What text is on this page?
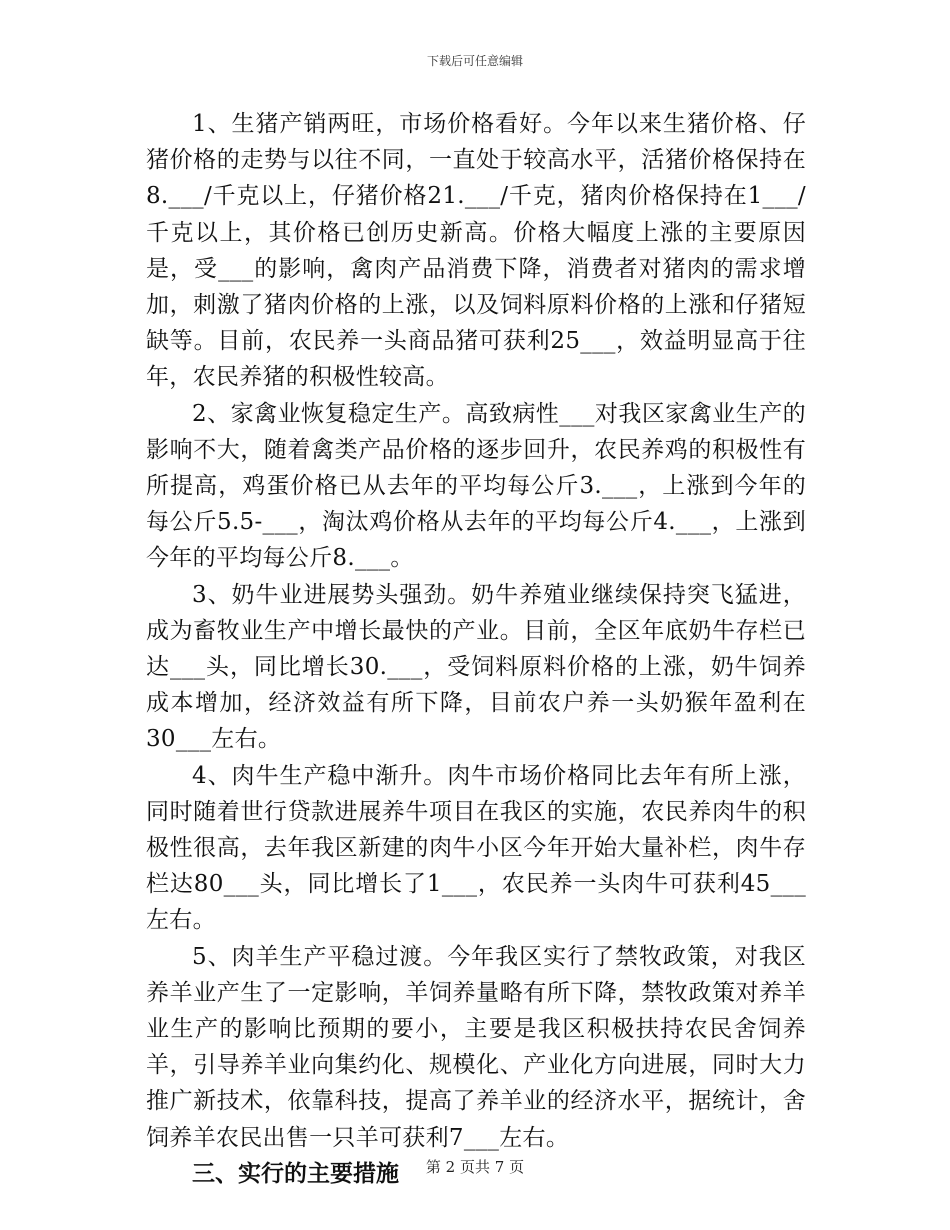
下载后可任意编辑

1、生猪产销两旺，市场价格看好。今年以来生猪价格、仔猪价格的走势与以往不同，一直处于较高水平，活猪价格保持在8.___/千克以上，仔猪价格21.___/千克，猪肉价格保持在1___/千克以上，其价格已创历史新高。价格大幅度上涨的主要原因是，受___的影响，禽肉产品消费下降，消费者对猪肉的需求增加，刺激了猪肉价格的上涨，以及饲料原料价格的上涨和仔猪短缺等。目前，农民养一头商品猪可获利25___，效益明显高于往年，农民养猪的积极性较高。

2、家禽业恢复稳定生产。高致病性___对我区家禽业生产的影响不大，随着禽类产品价格的逐步回升，农民养鸡的积极性有所提高，鸡蛋价格已从去年的平均每公斤3.___，上涨到今年的每公斤5.5-___，淘汰鸡价格从去年的平均每公斤4.___，上涨到今年的平均每公斤8.___。

3、奶牛业进展势头强劲。奶牛养殖业继续保持突飞猛进，成为畜牧业生产中增长最快的产业。目前，全区年底奶牛存栏已达___头，同比增长30.___，受饲料原料价格的上涨，奶牛饲养成本增加，经济效益有所下降，目前农户养一头奶猴年盈利在30___左右。

4、肉牛生产稳中渐升。肉牛市场价格同比去年有所上涨，同时随着世行贷款进展养牛项目在我区的实施，农民养肉牛的积极性很高，去年我区新建的肉牛小区今年开始大量补栏，肉牛存栏达80___头，同比增长了1___，农民养一头肉牛可获利45___左右。

5、肉羊生产平稳过渡。今年我区实行了禁牧政策，对我区养羊业产生了一定影响，羊饲养量略有所下降，禁牧政策对养羊业生产的影响比预期的要小，主要是我区积极扶持农民舍饲养羊，引导养羊业向集约化、规模化、产业化方向进展，同时大力推广新技术，依靠科技，提高了养羊业的经济水平，据统计，舍饲养羊农民出售一只羊可获利7___左右。

三、实行的主要措施	第 2 页共 7 页
